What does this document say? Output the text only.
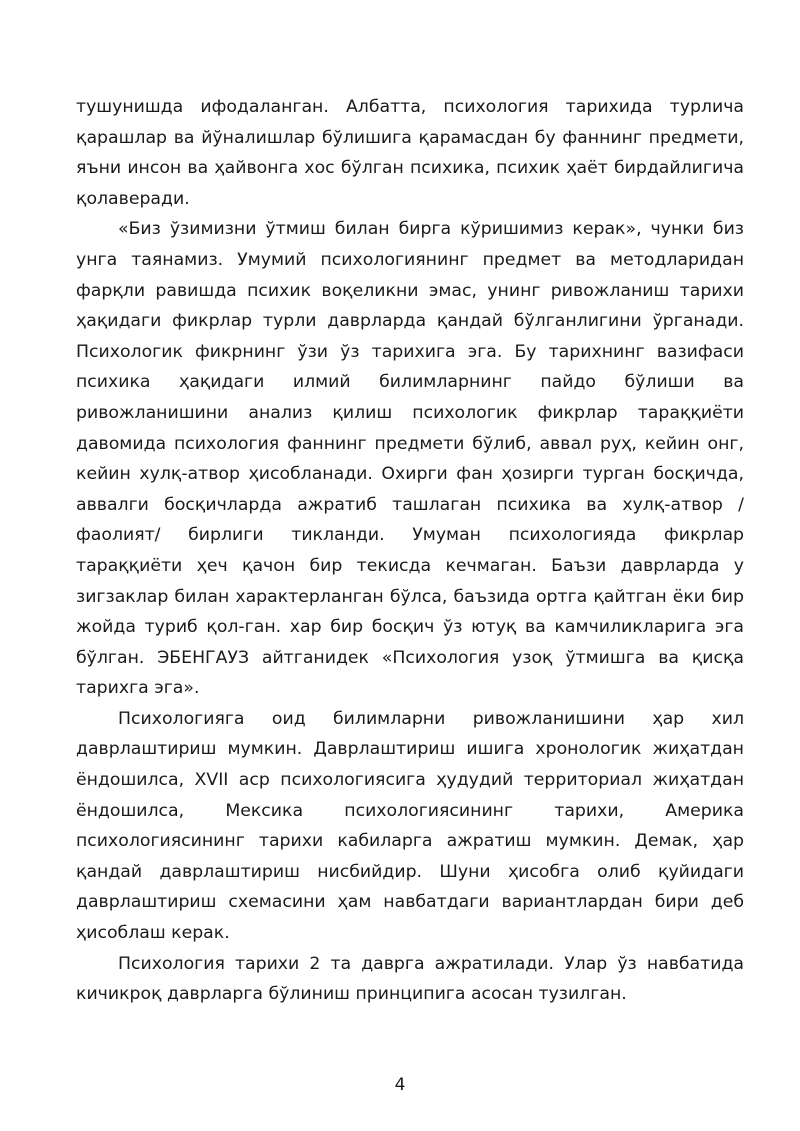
тушунишда ифодаланган. Албатта, психология тарихида турлича қарашлар ва йўналишлар бўлишига қарамасдан бу фаннинг предмети, яъни инсон ва ҳайвонга хос бўлган психика, психик ҳаёт бирдайлигича қолаверади.

«Биз ўзимизни ўтмиш билан бирга кўришимиз керак», чунки биз унга таянамиз. Умумий психологиянинг предмет ва методларидан фарқли равишда психик воқеликни эмас, унинг ривожланиш тарихи ҳақидаги фикрлар турли даврларда қандай бўлганлигини ўрганади. Психологик фикрнинг ўзи ўз тарихига эга. Бу тарихнинг вазифаси психика ҳақидаги илмий билимларнинг пайдо бўлиши ва ривожланишини анализ қилиш психологик фикрлар тараққиёти давомида психология фаннинг предмети бўлиб, аввал руҳ, кейин онг, кейин хулқ-атвор ҳисобланади. Охирги фан ҳозирги турган босқичда, аввалги босқичларда ажратиб ташлаган психика ва хулқ-атвор /фаолият/ бирлиги тикланди. Умуман психологияда фикрлар тараққиёти ҳеч қачон бир текисда кечмаган. Баъзи даврларда у зигзаклар билан характерланган бўлса, баъзида ортга қайтган ёки бир жойда туриб қол-ган. хар бир босқич ўз ютуқ ва камчиликларига эга бўлган. ЭБЕНГАУЗ айтганидек «Психология узоқ ўтмишга ва қисқа тарихга эга».

Психологияга оид билимларни ривожланишини ҳар хил даврлаштириш мумкин. Даврлаштириш ишига хронологик жиҳатдан ёндошилса, XVII аср психологиясига ҳудудий территориал жиҳатдан ёндошилса, Мексика психологиясининг тарихи, Америка психологиясининг тарихи кабиларга ажратиш мумкин. Демак, ҳар қандай даврлаштириш нисбийдир. Шуни ҳисобга олиб қуйидаги даврлаштириш схемасини ҳам навбатдаги вариантлардан бири деб ҳисоблаш керак.

Психология тарихи 2 та даврга ажратилади. Улар ўз навбатида кичикроқ даврларга бўлиниш принципига асосан тузилган.

4
